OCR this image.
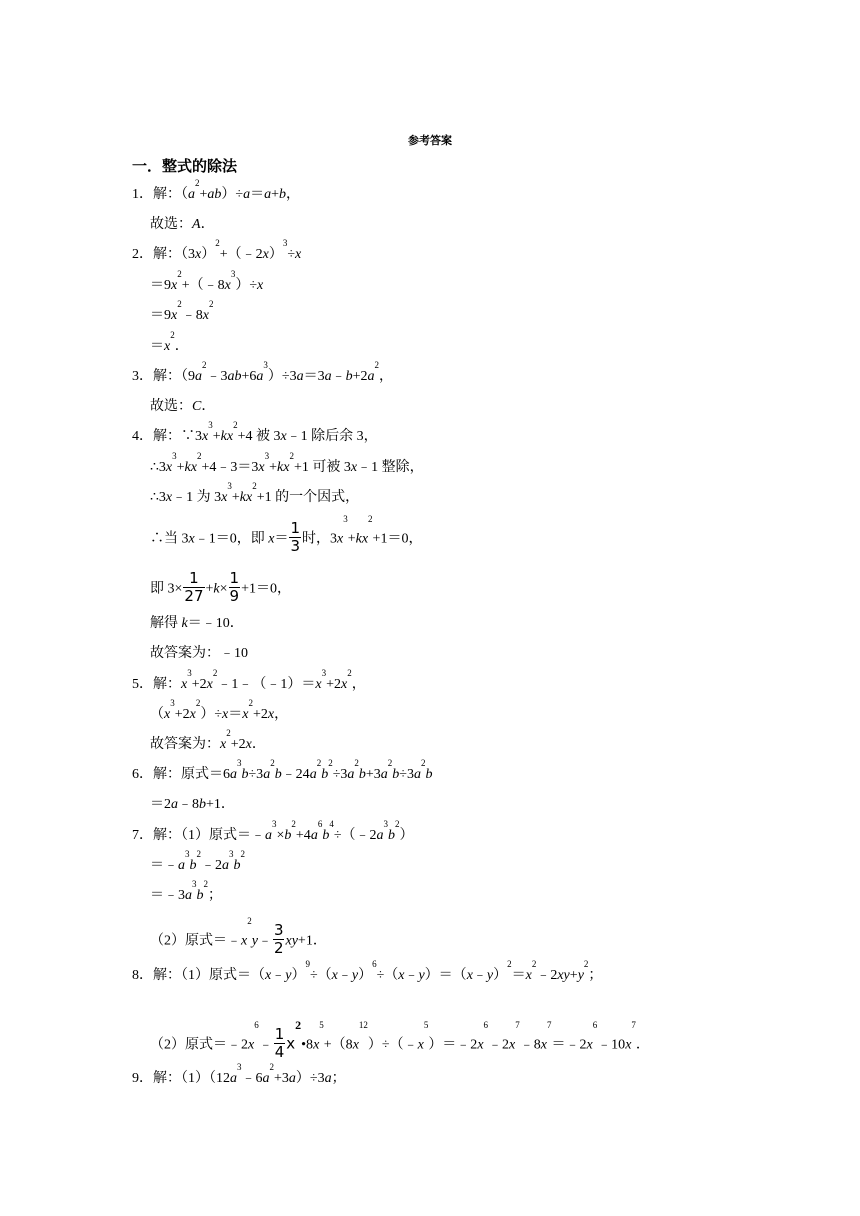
参考答案
一．整式的除法
1．解：$(a^2+ab)\div a=a+b$，
故选：A．
2．解：$(3x)^2+(﹣2x)^3\div x$
$=9x^2+(﹣8x^3)\div x$
$=9x^2﹣8x^2$
$=x^2$．
3．解：$(9a^2﹣3ab+6a^3)\div 3a=3a﹣b+2a^2$，
故选：C．
4．解：$\because 3x^3+kx^2+4$ 被 3x﹣1 除后余 3，
$\therefore 3x^3+kx^2+4﹣3=3x^3+kx^2+1$ 可被 3x﹣1 整除，
∴3x﹣1 为 $3x^3+kx^2+1$ 的一个因式，
∴当 3x﹣1＝0，即 $x= \frac{1}{3}$ 时，$3x^3+kx^2+1=0$，
即 $3\times \frac{1}{27} +k\times \frac{1}{9} +1=0$，
解得 k＝﹣10．
故答案为：﹣10
5．解：$x^3+2x^2﹣1﹣(﹣1)=x^3+2x^2$，
$(x^3+2x^2)\div x=x^2+2x$，
故答案为：$x^2+2x$．
6．解：原式$=6a^3b\div 3a^2b﹣24a^2b^2\div 3a^2b+3a^2b\div 3a^2b$
＝2a﹣8b+1．
7．解：（1）原式$=﹣a^3\times b^2+4a^6b^4\div(﹣2a^3b^2)$
$=﹣a^3b^2﹣2a^3b^2$
$=﹣3a^3b^2$；
（2）原式$=﹣x^2y﹣ \frac{3}{2} xy+1$．
8．解：（1）原式$=(x﹣y)^9\div(x﹣y)^6\div(x﹣y)=(x﹣y)^2=x^2﹣2xy+y^2$；
（2）原式$=﹣2x^6﹣ \frac{1}{4}$ $x^2•8x^5+(8x^{12})\div(﹣x^5)=﹣2x^6﹣2x^7﹣8x^7=﹣2x^6﹣10x^7$．
9．解：$(1)(12a^3﹣6a^2+3a)\div 3a$；
